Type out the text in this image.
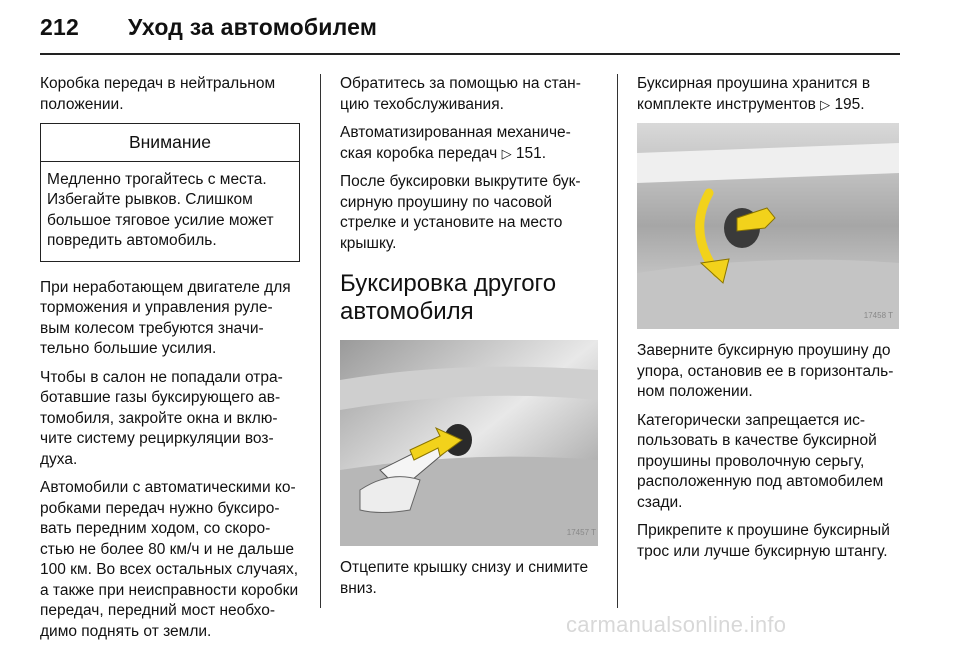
212 Уход за автомобилем

Коробка передач в нейтральном положении.

Внимание
Медленно трогайтесь с места. Избегайте рывков. Слишком большое тяговое усилие может повредить автомобиль.

При неработающем двигателе для торможения и управления руле-вым колесом требуются значи-тельно большие усилия.

Чтобы в салон не попадали отра-ботавшие газы буксирующего ав-томобиля, закройте окна и вклю-чите систему рециркуляции воз-духа.

Автомобили с автоматическими ко-робками передач нужно буксиро-вать передним ходом, со скоро-стью не более 80 км/ч и не дальше 100 км. Во всех остальных случаях, а также при неисправности коробки передач, передний мост необхо-димо поднять от земли.

Обратитесь за помощью на стан-цию техобслуживания.

Автоматизированная механиче-ская коробка передач ▷ 151.

После буксировки выкрутите бук-сирную проушину по часовой стрелке и установите на место крышку.

Буксировка другого автомобиля
17457 T

Отцепите крышку снизу и снимите вниз.

Буксирная проушина хранится в комплекте инструментов ▷ 195.

17458 T

Заверните буксирную проушину до упора, остановив ее в горизонталь-ном положении.

Категорически запрещается ис-пользовать в качестве буксирной проушины проволочную серьгу, расположенную под автомобилем сзади.

Прикрепите к проушине буксирный трос или лучше буксирную штангу.

carmanualsonline.info
